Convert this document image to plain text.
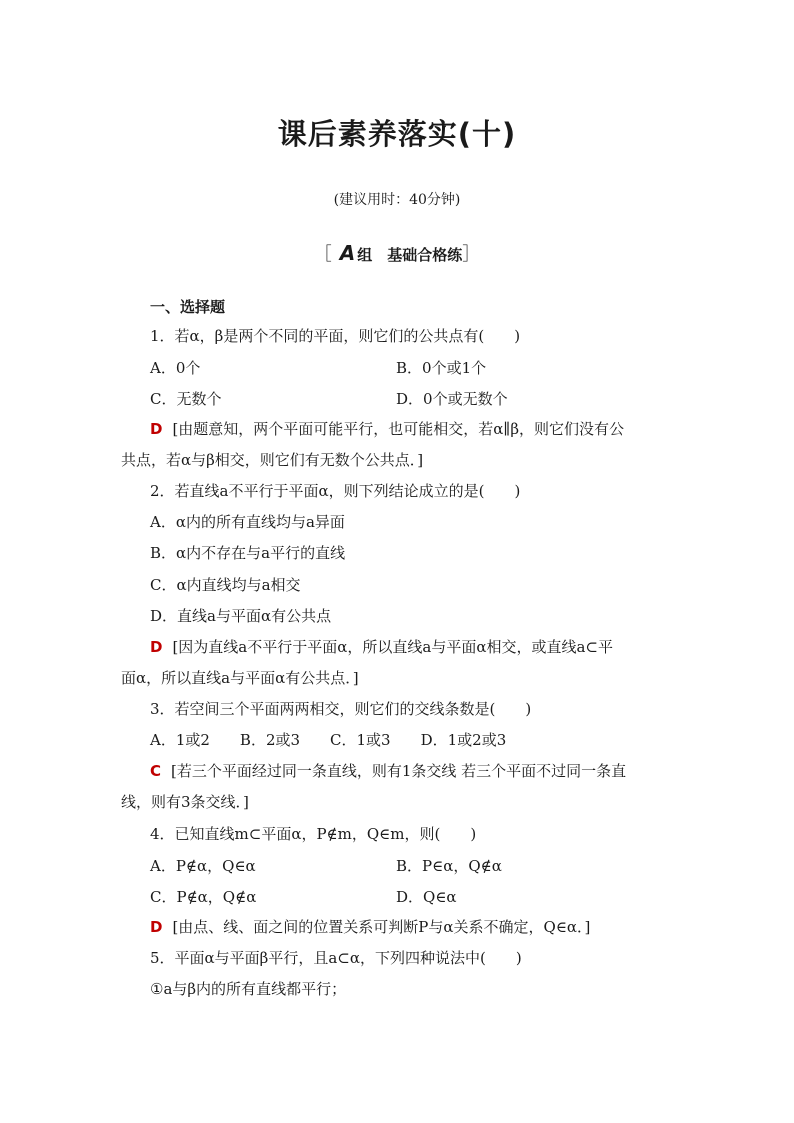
课后素养落实(十)
(建议用时：40分钟)
［ A 组　基础合格练］
一、选择题
1．若α，β是两个不同的平面，则它们的公共点有(　　)
A．0个	B．0个或1个
C．无数个	D．0个或无数个
D [由题意知，两个平面可能平行，也可能相交，若α∥β，则它们没有公
共点，若α与β相交，则它们有无数个公共点．]
2．若直线a不平行于平面α，则下列结论成立的是(　　)
A．α内的所有直线均与a异面
B．α内不存在与a平行的直线
C．α内直线均与a相交
D．直线a与平面α有公共点
D [因为直线a不平行于平面α，所以直线a与平面α相交，或直线a⊂平
面α，所以直线a与平面α有公共点．]
3．若空间三个平面两两相交，则它们的交线条数是(　　)
A．1或2　　B．2或3　　C．1或3　　D．1或2或3
C [若三个平面经过同一条直线，则有1条交线 若三个平面不过同一条直
线，则有3条交线．]
4．已知直线m⊂平面α，P∉m，Q∈m，则(　　)
A．P∉α，Q∈α	B．P∈α，Q∉α
C．P∉α，Q∉α	D．Q∈α
D [由点、线、面之间的位置关系可判断P与α关系不确定，Q∈α．]
5．平面α与平面β平行，且a⊂α，下列四种说法中(　　)
①a与β内的所有直线都平行；
